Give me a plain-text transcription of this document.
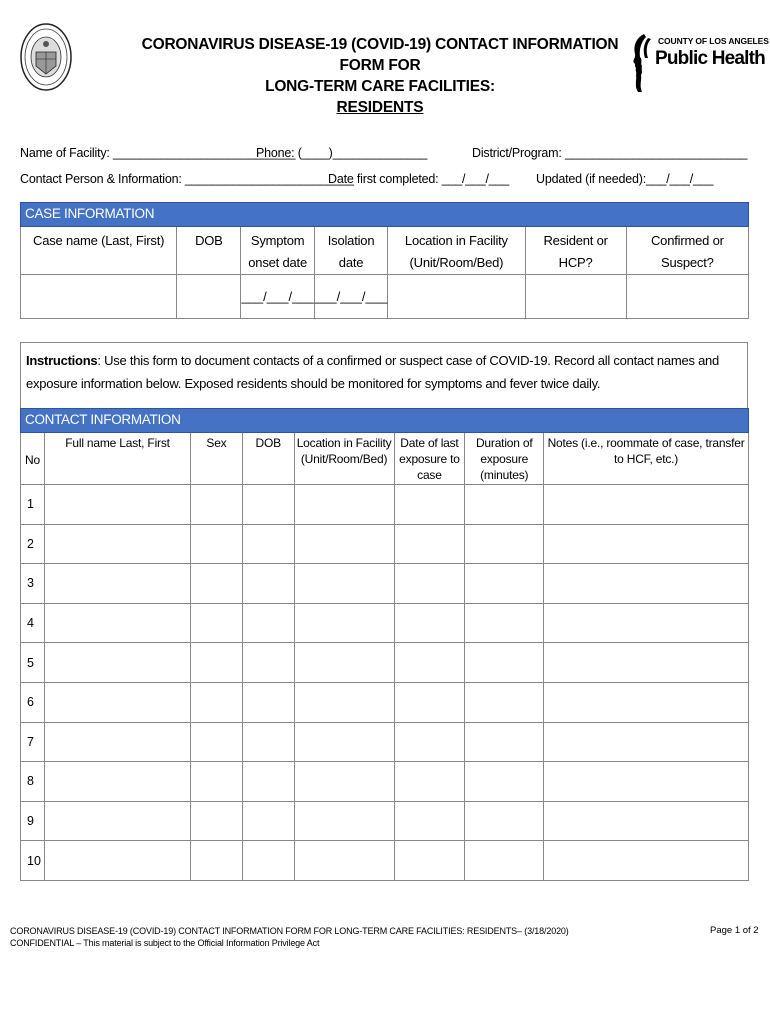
CORONAVIRUS DISEASE-19 (COVID-19) CONTACT INFORMATION FORM FOR
LONG-TERM CARE FACILITIES:
RESIDENTS
COUNTY OF LOS ANGELES
Public Health
Name of Facility: ___________________________
Phone: (____)______________	District/Program: ___________________________
Contact Person & Information: _________________________
Date first completed: ___/___/___ Updated (if needed):___/___/___
CASE INFORMATION						
Case name (Last, First)	DOB	Symptom onset date	Isolation date	Location in Facility (Unit/Room/Bed)	Resident or HCP?	Confirmed or Suspect?
		___/___/___	___/___/___			

Instructions: Use this form to document contacts of a confirmed or suspect case of COVID-19. Record all contact names and exposure information below. Exposed residents should be monitored for symptoms and fever twice daily.

CONTACT INFORMATION							
No	Full name Last, First	Sex	DOB	Location in Facility (Unit/Room/Bed)	Date of last exposure to case	Duration of exposure (minutes)	Notes (i.e., roommate of case, transfer to HCF, etc.)
1							
2							
3							
4							
5							
6							
7							
8							
9							
10							
CORONAVIRUS DISEASE-19 (COVID-19) CONTACT INFORMATION FORM FOR LONG-TERM CARE FACILITIES: RESIDENTS– (3/18/2020)
CONFIDENTIAL – This material is subject to the Official Information Privilege Act
Page 1 of 2
